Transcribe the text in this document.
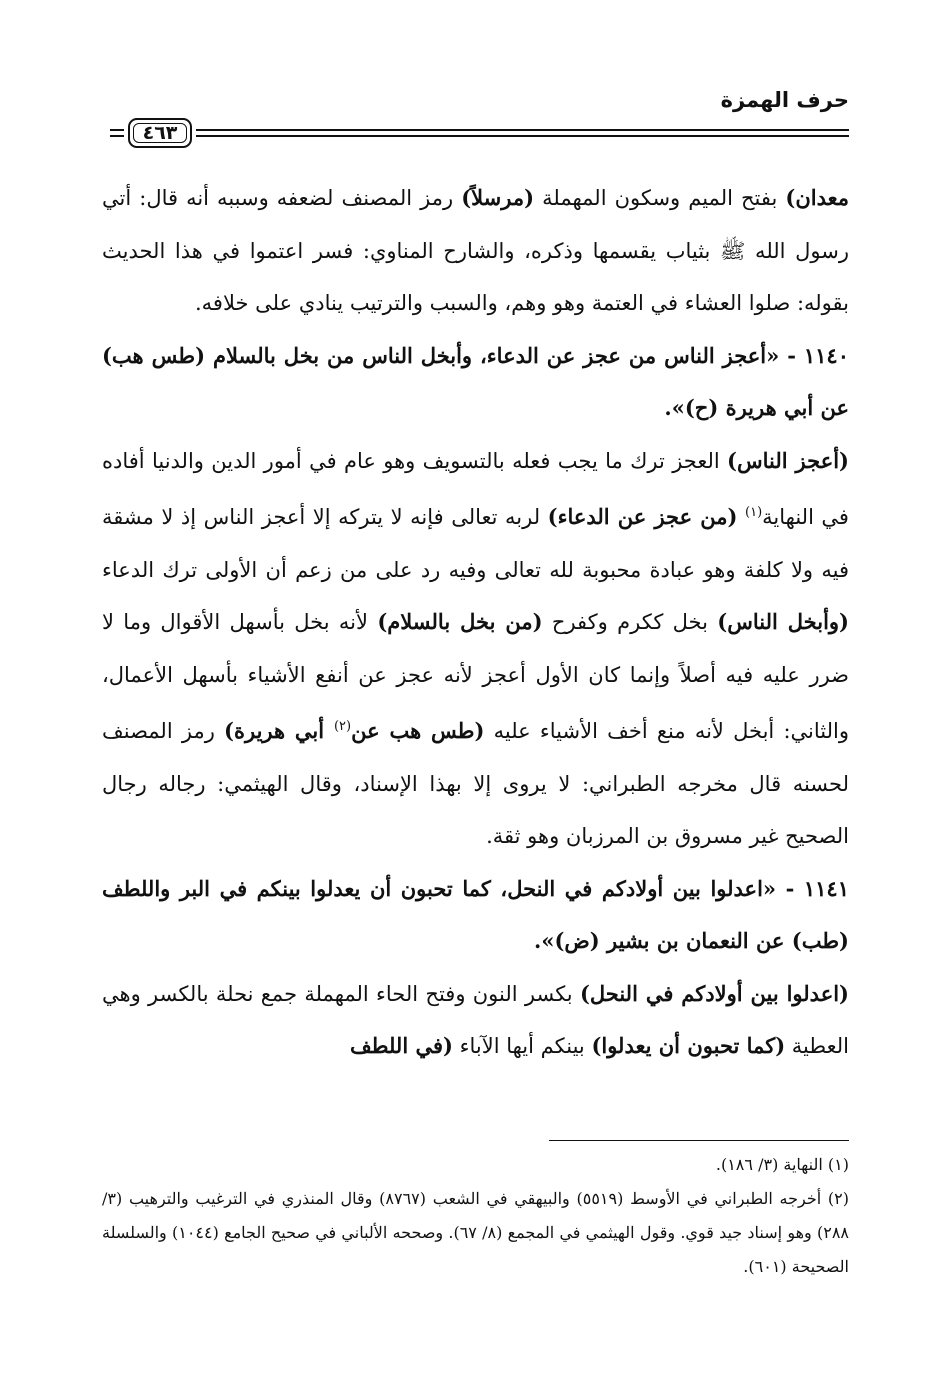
حرف الهمزة
٤٦٣

معدان) بفتح الميم وسكون المهملة (مرسلاً) رمز المصنف لضعفه وسببه أنه قال: أتي رسول الله ﷺ بثياب يقسمها وذكره، والشارح المناوي: فسر اعتموا في هذا الحديث بقوله: صلوا العشاء في العتمة وهو وهم، والسبب والترتيب ينادي على خلافه.

١١٤٠ - «أعجز الناس من عجز عن الدعاء، وأبخل الناس من بخل بالسلام (طس هب) عن أبي هريرة (ح)».

(أعجز الناس) العجز ترك ما يجب فعله بالتسويف وهو عام في أمور الدين والدنيا أفاده في النهاية$^{(١)}$ (من عجز عن الدعاء) لربه تعالى فإنه لا يتركه إلا أعجز الناس إذ لا مشقة فيه ولا كلفة وهو عبادة محبوبة لله تعالى وفيه رد على من زعم أن الأولى ترك الدعاء (وأبخل الناس) بخل ككرم وكفرح (من بخل بالسلام) لأنه بخل بأسهل الأقوال وما لا ضرر عليه فيه أصلاً وإنما كان الأول أعجز لأنه عجز عن أنفع الأشياء بأسهل الأعمال، والثاني: أبخل لأنه منع أخف الأشياء عليه (طس هب عن$^{(٢)}$ أبي هريرة) رمز المصنف لحسنه قال مخرجه الطبراني: لا يروى إلا بهذا الإسناد، وقال الهيثمي: رجاله رجال الصحيح غير مسروق بن المرزبان وهو ثقة.

١١٤١ - «اعدلوا بين أولادكم في النحل، كما تحبون أن يعدلوا بينكم في البر واللطف (طب) عن النعمان بن بشير (ض)».

(اعدلوا بين أولادكم في النحل) بكسر النون وفتح الحاء المهملة جمع نحلة بالكسر وهي العطية (كما تحبون أن يعدلوا) بينكم أيها الآباء (في اللطف

(١) النهاية (٣/ ١٨٦).

(٢) أخرجه الطبراني في الأوسط (٥٥١٩) والبيهقي في الشعب (٨٧٦٧) وقال المنذري في الترغيب والترهيب (٣/ ٢٨٨) وهو إسناد جيد قوي. وقول الهيثمي في المجمع (٨/ ٦٧). وصححه الألباني في صحيح الجامع (١٠٤٤) والسلسلة الصحيحة (٦٠١).
